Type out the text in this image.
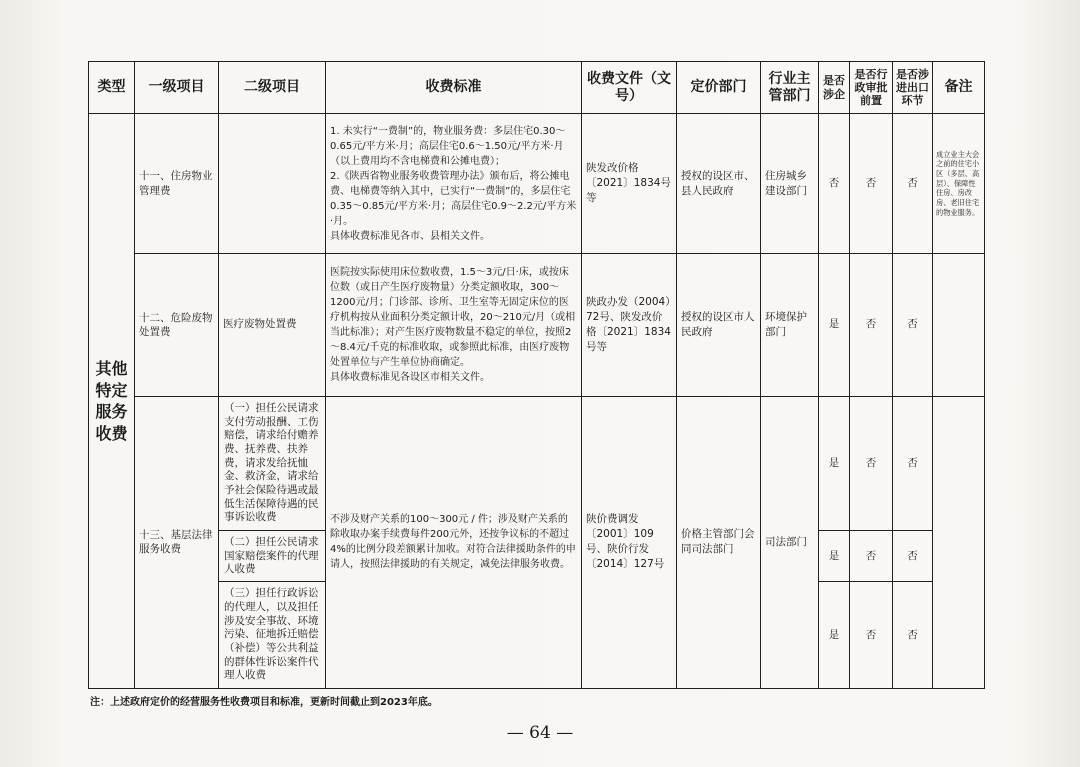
类型	一级项目	二级项目	收费标准	收费文件（文号）	定价部门	行业主管部门	是否涉企	是否行政审批前置	是否涉进出口环节	备注
其他特定服务收费	十一、住房物业管理费		1. 未实行“一费制”的，物业服务费：多层住宅0.30～0.65元/平方米·月；高层住宅0.6～1.50元/平方米·月（以上费用均不含电梯费和公摊电费）；

2.《陕西省物业服务收费管理办法》颁布后，将公摊电费、电梯费等纳入其中，已实行“一费制”的，多层住宅0.35～0.85元/平方米·月；高层住宅0.9～2.2元/平方米·月。

具体收费标准见各市、县相关文件。	陕发改价格〔2021〕1834号等	授权的设区市、县人民政府	住房城乡建设部门	否	否	否	成立业主大会之前的住宅小区（多层、高层）、保障性住房、房改房、老旧住宅的物业服务。
	十二、危险废物处置费	医疗废物处置费	医院按实际使用床位数收费，1.5～3元/日·床，或按床位数（或日产生医疗废物量）分类定额收取，300～1200元/月；门诊部、诊所、卫生室等无固定床位的医疗机构按从业面积分类定额计收，20～210元/月（或相当此标准）；对产生医疗废物数量不稳定的单位，按照2～8.4元/千克的标准收取，或参照此标准，由医疗废物处置单位与产生单位协商确定。

具体收费标准见各设区市相关文件。	陕政办发（2004）72号、陕发改价格〔2021〕1834号等	授权的设区市人民政府	环境保护部门	是	否	否	
	十三、基层法律服务收费	（一）担任公民请求支付劳动报酬、工伤赔偿，请求给付赡养费、抚养费、扶养费，请求发给抚恤金、救济金，请求给予社会保险待遇或最低生活保障待遇的民事诉讼收费	不涉及财产关系的100～300元 / 件；涉及财产关系的除收取办案手续费每件200元外，还按争议标的不超过4%的比例分段差额累计加收。对符合法律援助条件的申请人，按照法律援助的有关规定，减免法律服务收费。	陕价费调发〔2001〕109号、陕价行发〔2014〕127号	价格主管部门会同司法部门	司法部门	是	否	否	
		（二）担任公民请求国家赔偿案件的代理人收费					是	否	否	
		（三）担任行政诉讼的代理人，以及担任涉及安全事故、环境污染、征地拆迁赔偿（补偿）等公共利益的群体性诉讼案件代理人收费					是	否	否	
注：上述政府定价的经营服务性收费项目和标准，更新时间截止到2023年底。
— 64 —
